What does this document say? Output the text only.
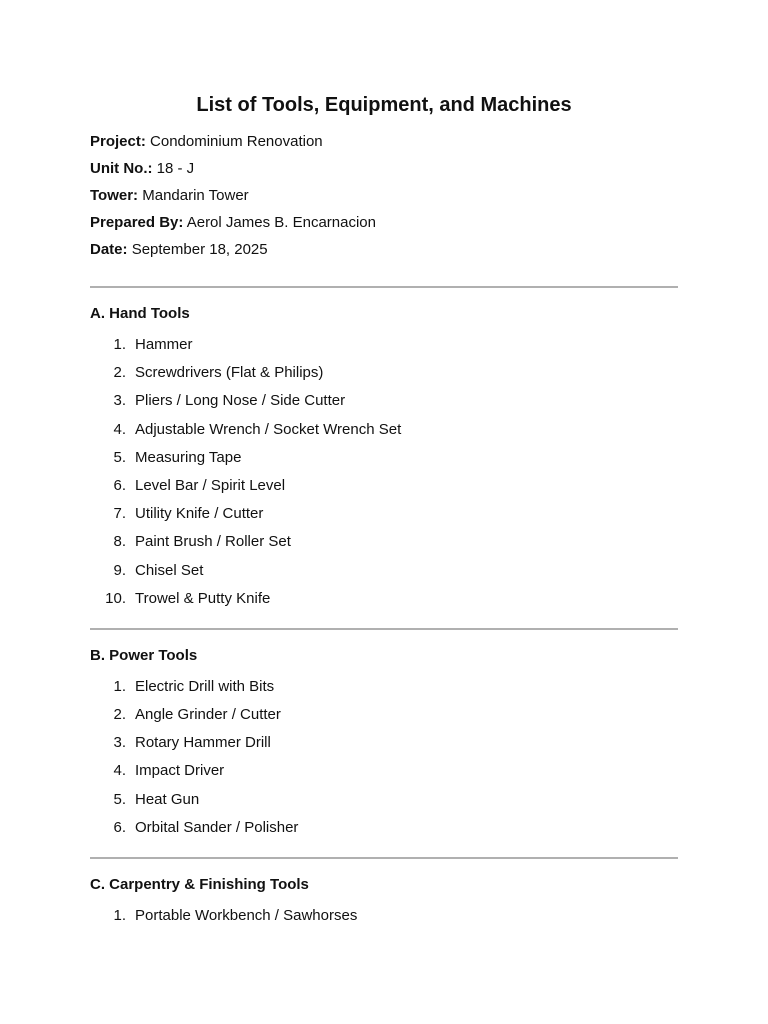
List of Tools, Equipment, and Machines
Project: Condominium Renovation
Unit No.: 18 - J
Tower: Mandarin Tower
Prepared By: Aerol James B. Encarnacion
Date: September 18, 2025
A. Hand Tools
1. Hammer
2. Screwdrivers (Flat & Philips)
3. Pliers / Long Nose / Side Cutter
4. Adjustable Wrench / Socket Wrench Set
5. Measuring Tape
6. Level Bar / Spirit Level
7. Utility Knife / Cutter
8. Paint Brush / Roller Set
9. Chisel Set
10. Trowel & Putty Knife
B. Power Tools
1. Electric Drill with Bits
2. Angle Grinder / Cutter
3. Rotary Hammer Drill
4. Impact Driver
5. Heat Gun
6. Orbital Sander / Polisher
C. Carpentry & Finishing Tools
1. Portable Workbench / Sawhorses
